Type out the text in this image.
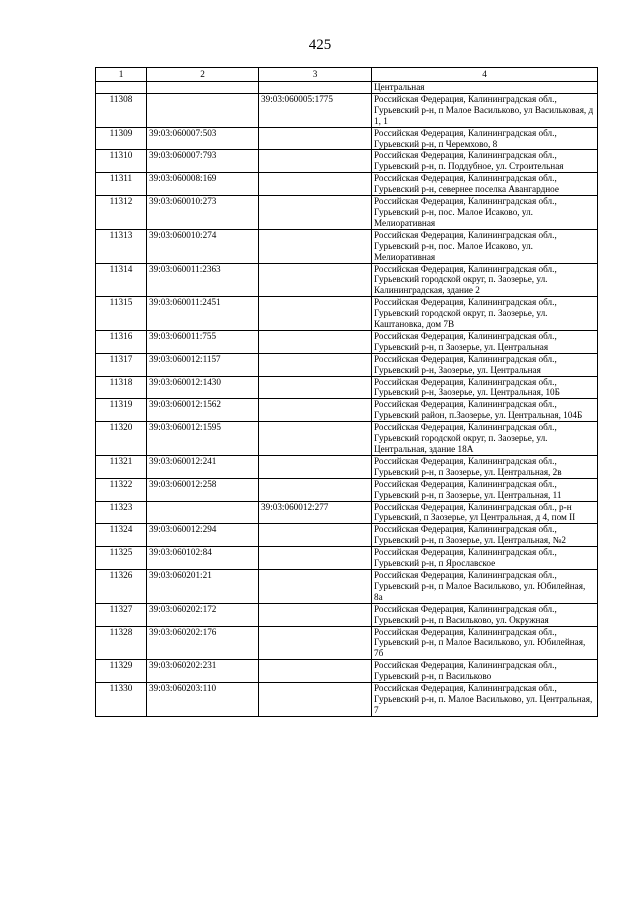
425
1	2	3	4
			Центральная
11308		39:03:060005:1775	Российская Федерация, Калининградская обл., Гурьевский р-н, п Малое Васильково, ул Васильковая, д 1, 1
11309	39:03:060007:503		Российская Федерация, Калининградская обл., Гурьевский р-н, п Черемхово, 8
11310	39:03:060007:793		Российская Федерация, Калининградская обл., Гурьевский р-н, п. Поддубное, ул. Строительная
11311	39:03:060008:169		Российская Федерация, Калининградская обл., Гурьевский р-н, севернее поселка Авангардное
11312	39:03:060010:273		Российская Федерация, Калининградская обл., Гурьевский р-н, пос. Малое Исаково, ул. Мелиоративная
11313	39:03:060010:274		Российская Федерация, Калининградская обл., Гурьевский р-н, пос. Малое Исаково, ул. Мелиоративная
11314	39:03:060011:2363		Российская Федерация, Калининградская обл., Гурьевский городской округ, п. Заозерье, ул. Калининградская, здание 2
11315	39:03:060011:2451		Российская Федерация, Калининградская обл., Гурьевский городской округ, п. Заозерье, ул. Каштановка, дом 7В
11316	39:03:060011:755		Российская Федерация, Калининградская обл., Гурьевский р-н, п Заозерье, ул. Центральная
11317	39:03:060012:1157		Российская Федерация, Калининградская обл., Гурьевский р-н, Заозерье, ул. Центральная
11318	39:03:060012:1430		Российская Федерация, Калининградская обл., Гурьевский р-н, Заозерье, ул. Центральная, 10Б
11319	39:03:060012:1562		Российская Федерация, Калининградская обл., Гурьевский район, п.Заозерье, ул. Центральная, 104Б
11320	39:03:060012:1595		Российская Федерация, Калининградская обл., Гурьевский городской округ, п. Заозерье, ул. Центральная, здание 18А
11321	39:03:060012:241		Российская Федерация, Калининградская обл., Гурьевский р-н, п Заозерье, ул. Центральная, 2в
11322	39:03:060012:258		Российская Федерация, Калининградская обл., Гурьевский р-н, п Заозерье, ул. Центральная, 11
11323		39:03:060012:277	Российская Федерация, Калининградская обл., р-н Гурьевский, п Заозерье, ул Центральная, д 4, пом II
11324	39:03:060012:294		Российская Федерация, Калининградская обл., Гурьевский р-н, п Заозерье, ул. Центральная, №2
11325	39:03:060102:84		Российская Федерация, Калининградская обл., Гурьевский р-н, п Ярославское
11326	39:03:060201:21		Российская Федерация, Калининградская обл., Гурьевский р-н, п Малое Васильково, ул. Юбилейная, 8а
11327	39:03:060202:172		Российская Федерация, Калининградская обл., Гурьевский р-н, п Васильково, ул. Окружная
11328	39:03:060202:176		Российская Федерация, Калининградская обл., Гурьевский р-н, п Малое Васильково, ул. Юбилейная, 7б
11329	39:03:060202:231		Российская Федерация, Калининградская обл., Гурьевский р-н, п Васильково
11330	39:03:060203:110		Российская Федерация, Калининградская обл., Гурьевский р-н, п. Малое Васильково, ул. Центральная, 7
